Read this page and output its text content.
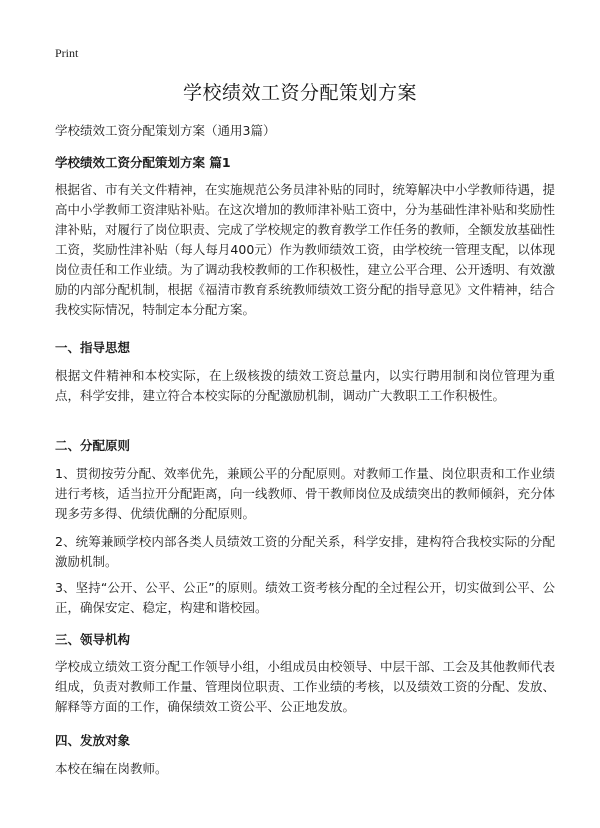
Print
学校绩效工资分配策划方案
学校绩效工资分配策划方案（通用3篇）
学校绩效工资分配策划方案 篇1

根据省、市有关文件精神，在实施规范公务员津补贴的同时，统筹解决中小学教师待遇，提高中小学教师工资津贴补贴。在这次增加的教师津补贴工资中，分为基础性津补贴和奖励性津补贴，对履行了岗位职责、完成了学校规定的教育教学工作任务的教师，全额发放基础性工资，奖励性津补贴（每人每月400元）作为教师绩效工资，由学校统一管理支配，以体现岗位责任和工作业绩。为了调动我校教师的工作积极性，建立公平合理、公开透明、有效激励的内部分配机制，根据《福清市教育系统教师绩效工资分配的指导意见》文件精神，结合我校实际情况，特制定本分配方案。

一、指导思想

根据文件精神和本校实际，在上级核拨的绩效工资总量内，以实行聘用制和岗位管理为重点，科学安排，建立符合本校实际的分配激励机制，调动广大教职工工作积极性。

二、分配原则

1、贯彻按劳分配、效率优先，兼顾公平的分配原则。对教师工作量、岗位职责和工作业绩进行考核，适当拉开分配距离，向一线教师、骨干教师岗位及成绩突出的教师倾斜，充分体现多劳多得、优绩优酬的分配原则。

2、统筹兼顾学校内部各类人员绩效工资的分配关系，科学安排，建构符合我校实际的分配激励机制。

3、坚持“公开、公平、公正”的原则。绩效工资考核分配的全过程公开，切实做到公平、公正，确保安定、稳定，构建和谐校园。

三、领导机构

学校成立绩效工资分配工作领导小组，小组成员由校领导、中层干部、工会及其他教师代表组成，负责对教师工作量、管理岗位职责、工作业绩的考核，以及绩效工资的分配、发放、解释等方面的工作，确保绩效工资公平、公正地发放。

四、发放对象

本校在编在岗教师。
